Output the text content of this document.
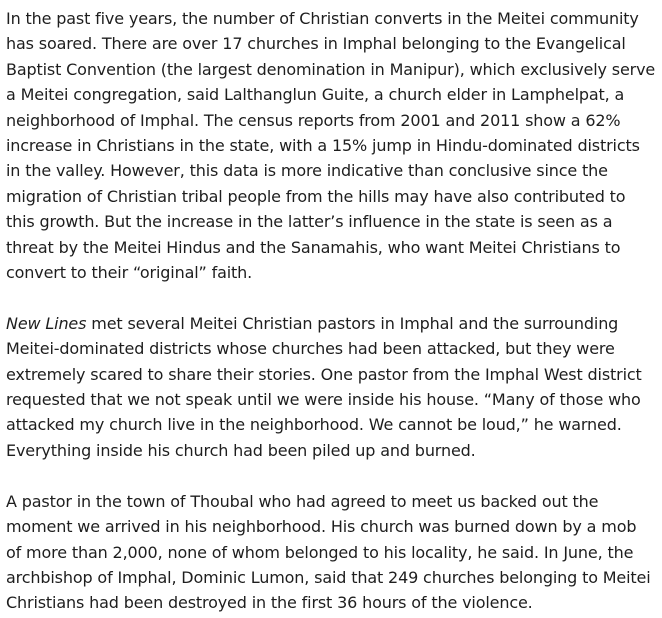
In the past five years, the number of Christian converts in the Meitei community has soared. There are over 17 churches in Imphal belonging to the Evangelical Baptist Convention (the largest denomination in Manipur), which exclusively serve a Meitei congregation, said Lalthanglun Guite, a church elder in Lamphelpat, a neighborhood of Imphal. The census reports from 2001 and 2011 show a 62% increase in Christians in the state, with a 15% jump in Hindu-dominated districts in the valley. However, this data is more indicative than conclusive since the migration of Christian tribal people from the hills may have also contributed to this growth. But the increase in the latter’s influence in the state is seen as a threat by the Meitei Hindus and the Sanamahis, who want Meitei Christians to convert to their “original” faith.

New Lines met several Meitei Christian pastors in Imphal and the surrounding Meitei-dominated districts whose churches had been attacked, but they were extremely scared to share their stories. One pastor from the Imphal West district requested that we not speak until we were inside his house. “Many of those who attacked my church live in the neighborhood. We cannot be loud,” he warned. Everything inside his church had been piled up and burned.

A pastor in the town of Thoubal who had agreed to meet us backed out the moment we arrived in his neighborhood. His church was burned down by a mob of more than 2,000, none of whom belonged to his locality, he said. In June, the archbishop of Imphal, Dominic Lumon, said that 249 churches belonging to Meitei Christians had been destroyed in the first 36 hours of the violence.
